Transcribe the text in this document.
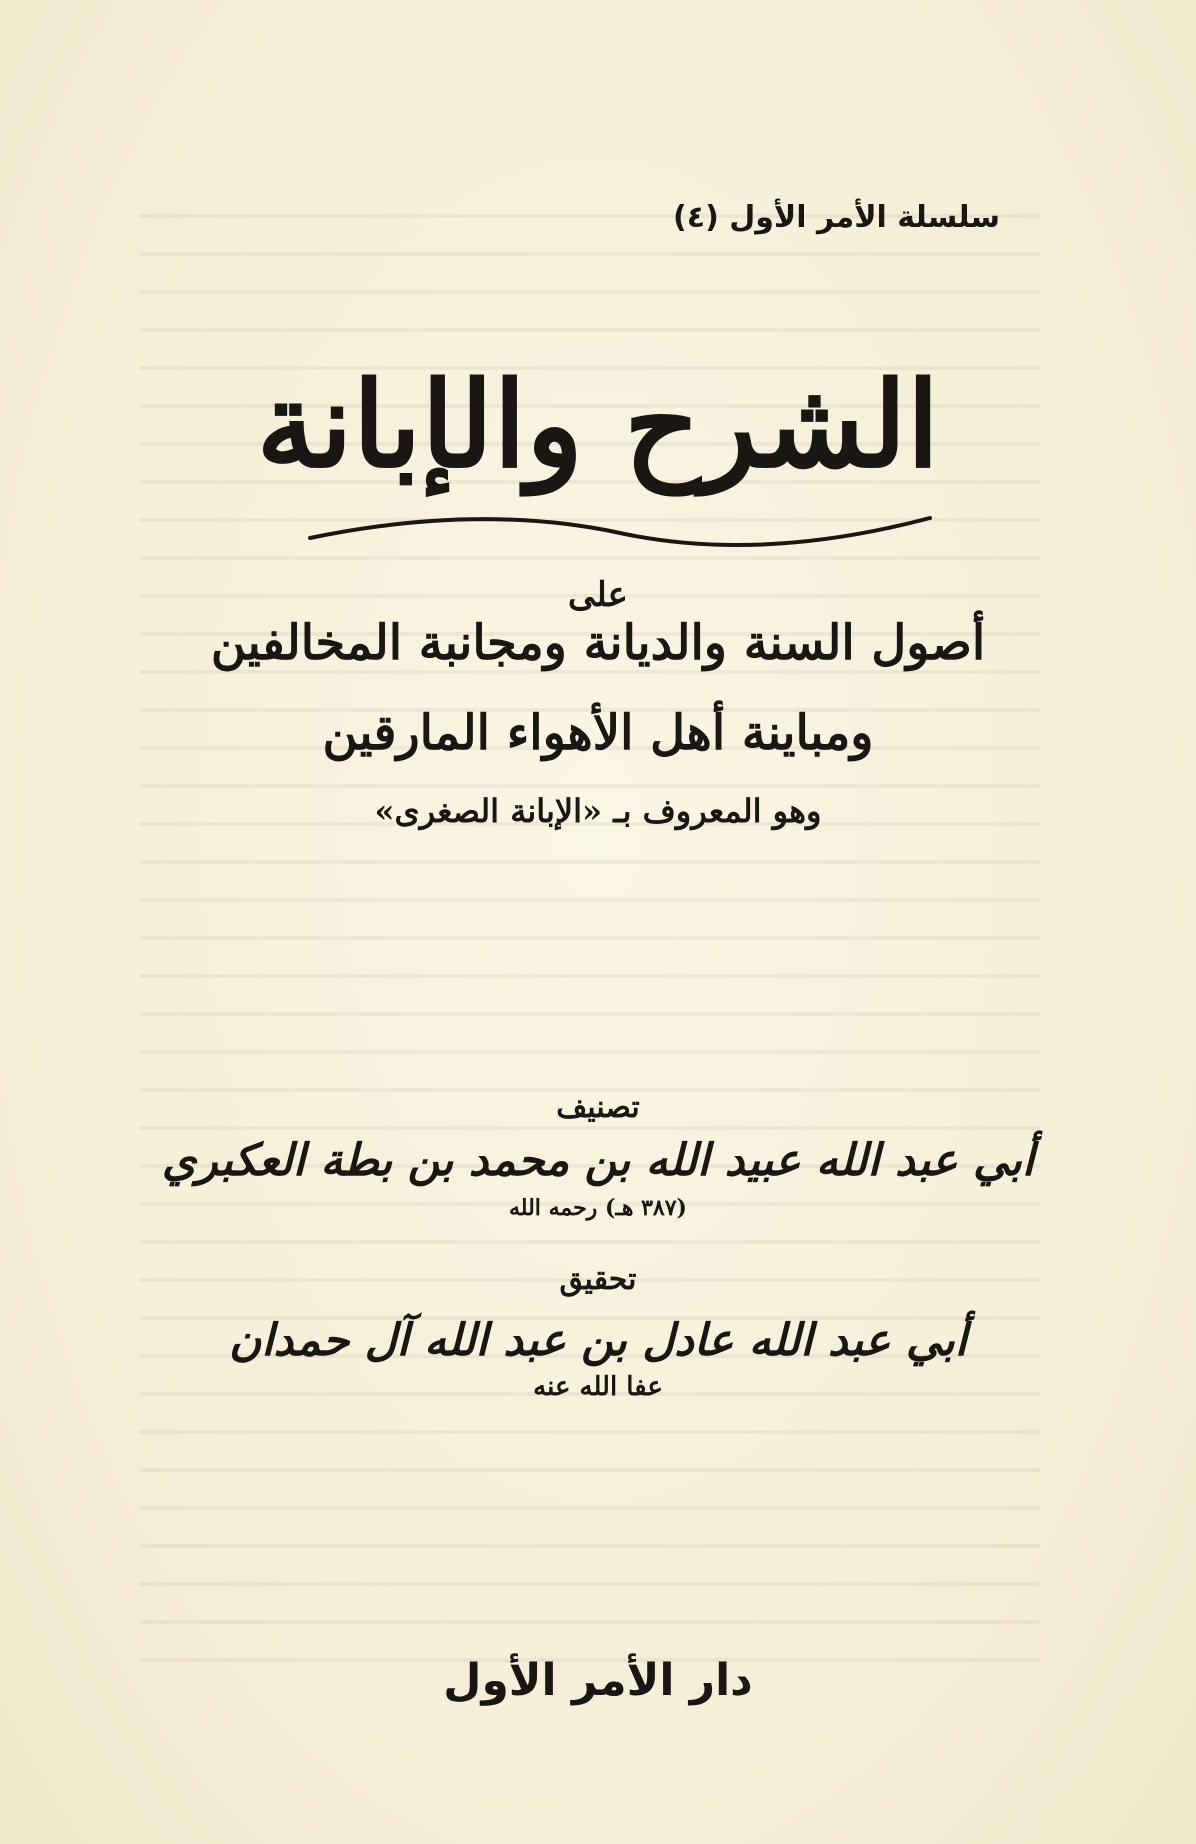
سلسلة الأمر الأول (٤)
الشرح والإبانة
على
أصول السنة والديانة ومجانبة المخالفين
ومباينة أهل الأهواء المارقين
وهو المعروف بـ «الإبانة الصغرى»
تصنيف
أبي عبد الله عبيد الله بن محمد بن بطة العكبري
(٣٨٧ هـ) رحمه الله
تحقيق
أبي عبد الله عادل بن عبد الله آل حمدان
عفا الله عنه
دار الأمر الأول
